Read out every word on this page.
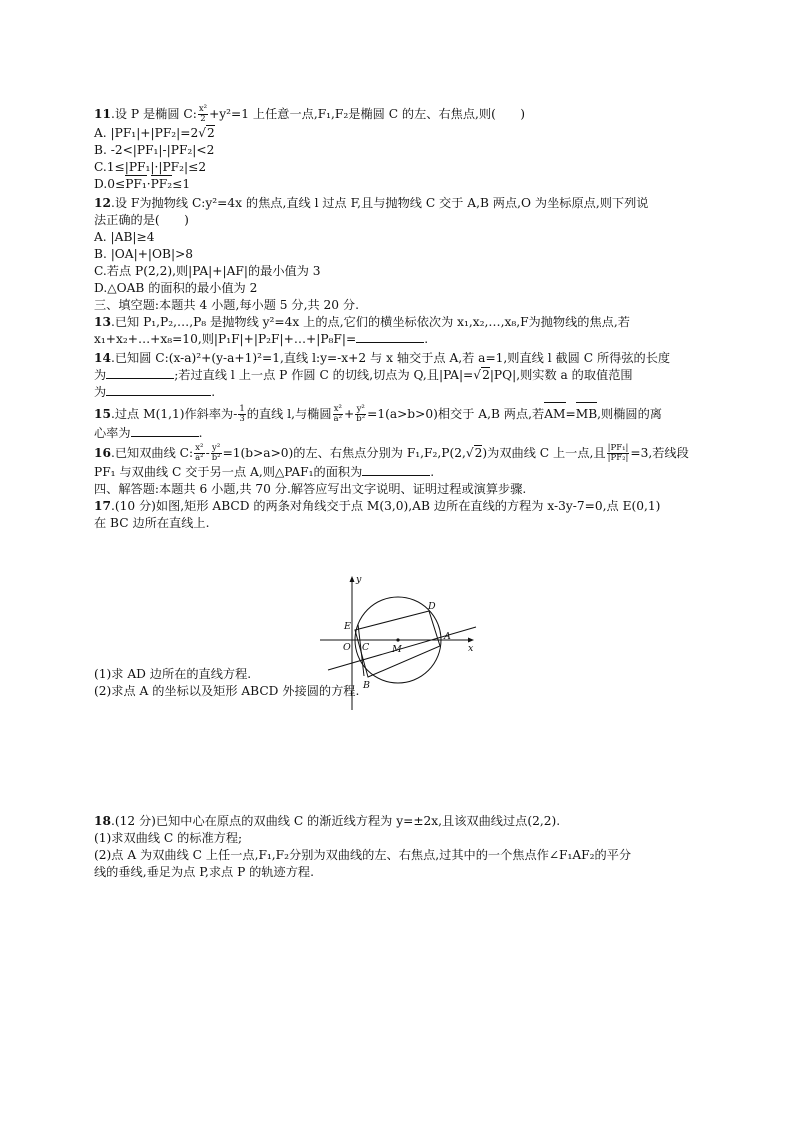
11.设 P 是椭圆 C: $\frac{\text{x²}}{2} +y^2=1$ 上任意一点,F₁,F₂是椭圆 C 的左、右焦点,则(　　)
A. |PF₁|+|PF₂|=2√2
B. -2<|PF₁|-|PF₂|<2
C.1≤|PF₁|·|PF₂|≤2
D.0≤PF₁·PF₂≤1
12.设 F为抛物线 C:y²=4x 的焦点,直线 l 过点 F,且与抛物线 C 交于 A,B 两点,O 为坐标原点,则下列说
法正确的是(　　)
A. |AB|≥4
B. |OA|+|OB|>8
C.若点 P(2,2),则|PA|+|AF|的最小值为 3
D.△OAB 的面积的最小值为 2
三、填空题:本题共 4 小题,每小题 5 分,共 20 分.
13.已知 P₁,P₂,…,P₈ 是抛物线 y²=4x 上的点,它们的横坐标依次为 x₁,x₂,…,x₈,F为抛物线的焦点,若
x₁+x₂+…+x₈=10,则|P₁F|+|P₂F|+…+|P₈F|=	.
14.已知圆 C:(x-a)²+(y-a+1)²=1,直线 l:y=-x+2 与 x 轴交于点 A,若 a=1,则直线 l 截圆 C 所得弦的长度
为	;若过直线 l 上一点 P 作圆 C 的切线,切点为 Q,且|PA|=√2|PQ|,则实数 a 的取值范围
为	.
15.过点 M(1,1)作斜率为- $\frac{1}{3}$ 的直线 l,与椭圆 $\frac{\text{x²}}{\text{a²}} + \frac{\text{y²}}{\text{b²}} =1(a>b>0)$相交于 A,B 两点,若AM=MB,则椭圆的离
心率为	.
16.已知双曲线 C: $\frac{\text{x²}}{\text{a²}} - \frac{\text{y²}}{\text{b²}} =1(b>a>0)$的左、右焦点分别为 F₁,F₂,P(2,√2)为双曲线 C 上一点,且 $\frac{\text{|PF₁|}}{\text{|PF₂|}} =3$,若线段
PF₁ 与双曲线 C 交于另一点 A,则△PAF₁的面积为	.
四、解答题:本题共 6 小题,共 70 分.解答应写出文字说明、证明过程或演算步骤.
17.(10 分)如图,矩形 ABCD 的两条对角线交于点 M(3,0),AB 边所在直线的方程为 x-3y-7=0,点 E(0,1)
在 BC 边所在直线上.
(1)求 AD 边所在的直线方程.
(2)求点 A 的坐标以及矩形 ABCD 外接圆的方程.
18.(12 分)已知中心在原点的双曲线 C 的渐近线方程为 y=±2x,且该双曲线过点(2,2).
(1)求双曲线 C 的标准方程;
(2)点 A 为双曲线 C 上任一点,F₁,F₂分别为双曲线的左、右焦点,过其中的一个焦点作∠F₁AF₂的平分
线的垂线,垂足为点 P,求点 P 的轨迹方程.
y
x
O
E
C M
B
D
A
